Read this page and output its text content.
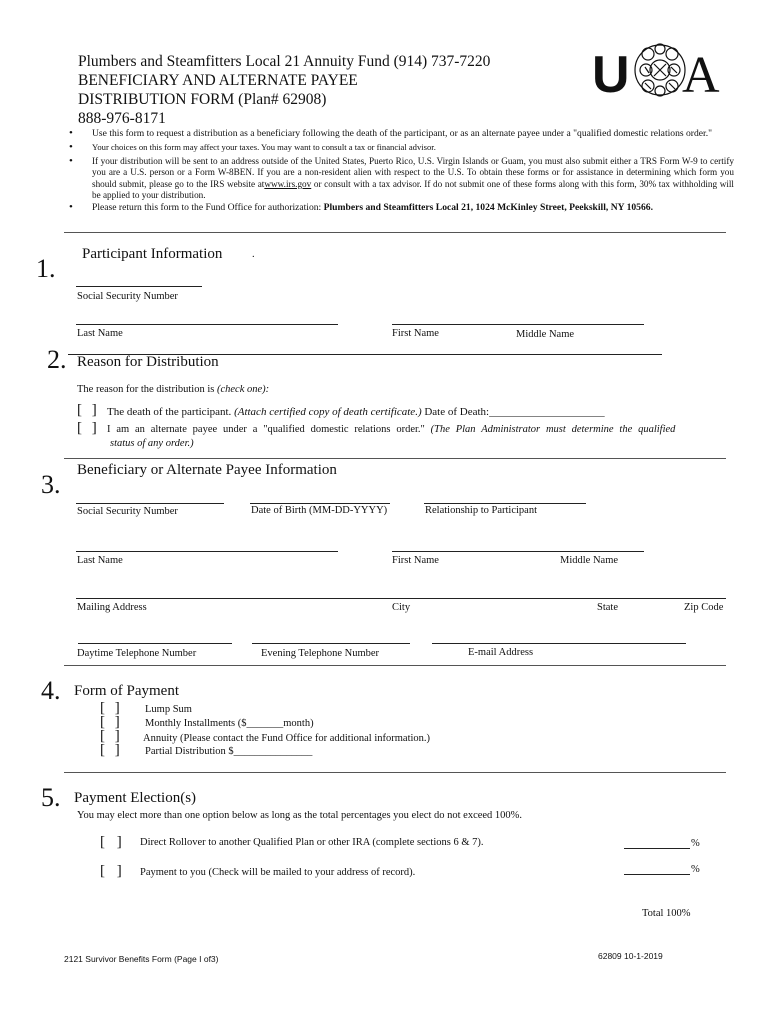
Plumbers and Steamfitters Local 21 Annuity Fund (914) 737-7220
BENEFICIARY AND ALTERNATE PAYEE
DISTRIBUTION FORM (Plan# 62908)
888-976-8171
U A
• Use this form to request a distribution as a beneficiary following the death of the participant, or as an alternate payee under a "qualified domestic relations order."
• Your choices on this form may affect your taxes. You may want to consult a tax or financial advisor.
• If your distribution will be sent to an address outside of the United States, Puerto Rico, U.S. Virgin Islands or Guam, you must also submit either a TRS Form W-9 to certify you are a U.S. person or a Form W-8BEN. If you are a non-resident alien with respect to the U.S. To obtain these forms or for assistance in determining which form you should submit, please go to the IRS website atwww.irs.gov or consult with a tax advisor. If do not submit one of these forms along with this form, 30% tax withholding will be applied to your distribution.
• Please return this form to the Fund Office for authorization: Plumbers and Steamfitters Local 21, 1024 McKinley Street, Peekskill, NY 10566.
1. Participant Information	.
Social Security Number
Last Name	First Name	Middle Name
2. Reason for Distribution
The reason for the distribution is (check one):
[ ] The death of the participant. (Attach certified copy of death certificate.) Date of Death:_____________________
[ ] I am an alternate payee under a "qualified domestic relations order." (The Plan Administrator must determine the qualified
status of any order.)
3. Beneficiary or Alternate Payee Information
Social Security Number	Date of Birth (MM-DD-YYYY)	Relationship to Participant
Last Name	First Name	Middle Name
Mailing Address	City	State	Zip Code
Daytime Telephone Number	Evening Telephone Number	E-mail Address
4. Form of Payment
[ ] Lump Sum
[ ] Monthly Installments ($_______month)
[ ] Annuity (Please contact the Fund Office for additional information.)
[ ] Partial Distribution $_______________
5. Payment Election(s)
You may elect more than one option below as long as the total percentages you elect do not exceed 100%.
[ ] Direct Rollover to another Qualified Plan or other IRA (complete sections 6 & 7).	%
[ ] Payment to you (Check will be mailed to your address of record).	%
Total 100%
2121 Survivor Benefits Form (Page I of3)	62809 10-1-2019
